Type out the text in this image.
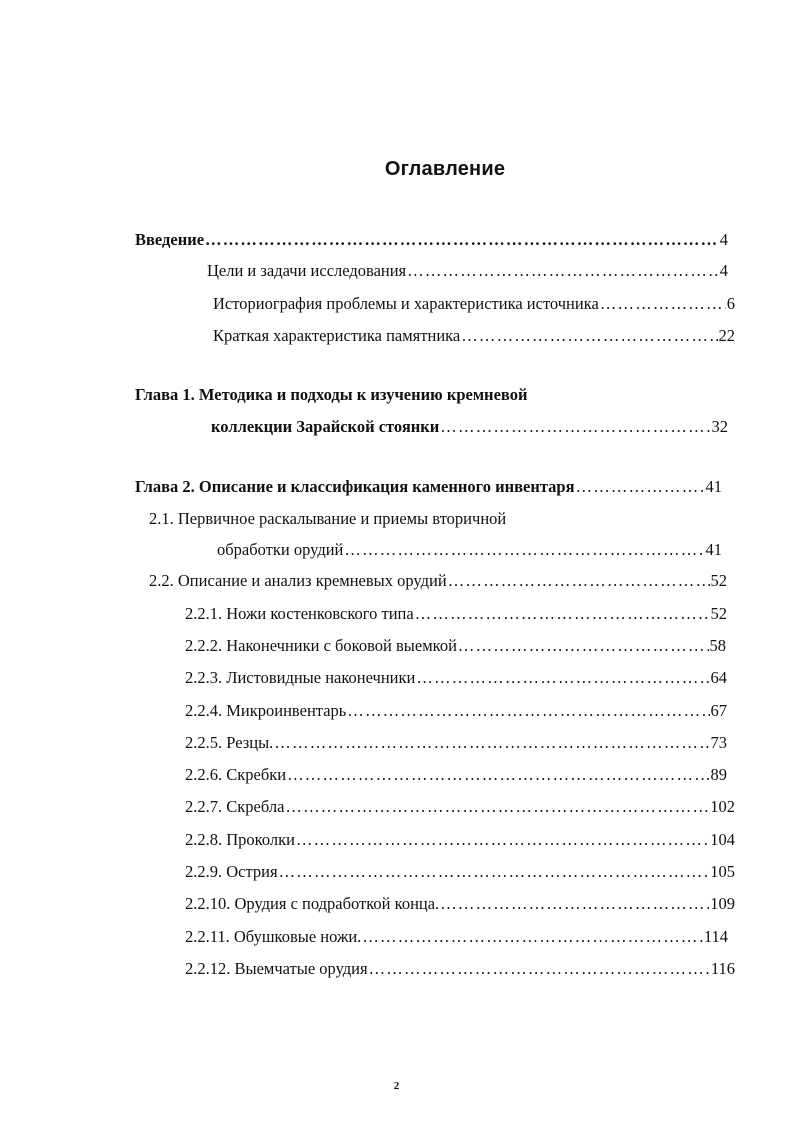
Оглавление
Введение …………………………………………………………………………………………………………………………………………………………………	4
Цели и задачи исследования …………………………………………………………………………………………………………………………………………………………………	4
Историография проблемы и характеристика источника …………………………………………………………………………………………………………………………………………………………………	6
Краткая характеристика памятника …………………………………………………………………………………………………………………………………………………………………	22
Глава 1. Методика и подходы к изучению кремневой
коллекции Зарайской стоянки …………………………………………………………………………………………………………………………………………………………………	32
Глава 2. Описание и классификация каменного инвентаря …………………………………………………………………………………………………………………………………………………………………	41
2.1. Первичное раскалывание и приемы вторичной
обработки орудий …………………………………………………………………………………………………………………………………………………………………	41
2.2. Описание и анализ кремневых орудий …………………………………………………………………………………………………………………………………………………………………	52
2.2.1. Ножи костенковского типа …………………………………………………………………………………………………………………………………………………………………	52
2.2.2. Наконечники с боковой выемкой …………………………………………………………………………………………………………………………………………………………………	58
2.2.3. Листовидные наконечники …………………………………………………………………………………………………………………………………………………………………	64
2.2.4. Микроинвентарь …………………………………………………………………………………………………………………………………………………………………	67
2.2.5. Резцы. …………………………………………………………………………………………………………………………………………………………………	73
2.2.6. Скребки …………………………………………………………………………………………………………………………………………………………………	89
2.2.7. Скребла …………………………………………………………………………………………………………………………………………………………………	102
2.2.8. Проколки …………………………………………………………………………………………………………………………………………………………………	104
2.2.9. Острия …………………………………………………………………………………………………………………………………………………………………	105
2.2.10. Орудия с подработкой конца. …………………………………………………………………………………………………………………………………………………………………	109
2.2.11. Обушковые ножи. …………………………………………………………………………………………………………………………………………………………………	114
2.2.12. Выемчатые орудия …………………………………………………………………………………………………………………………………………………………………	116
2
